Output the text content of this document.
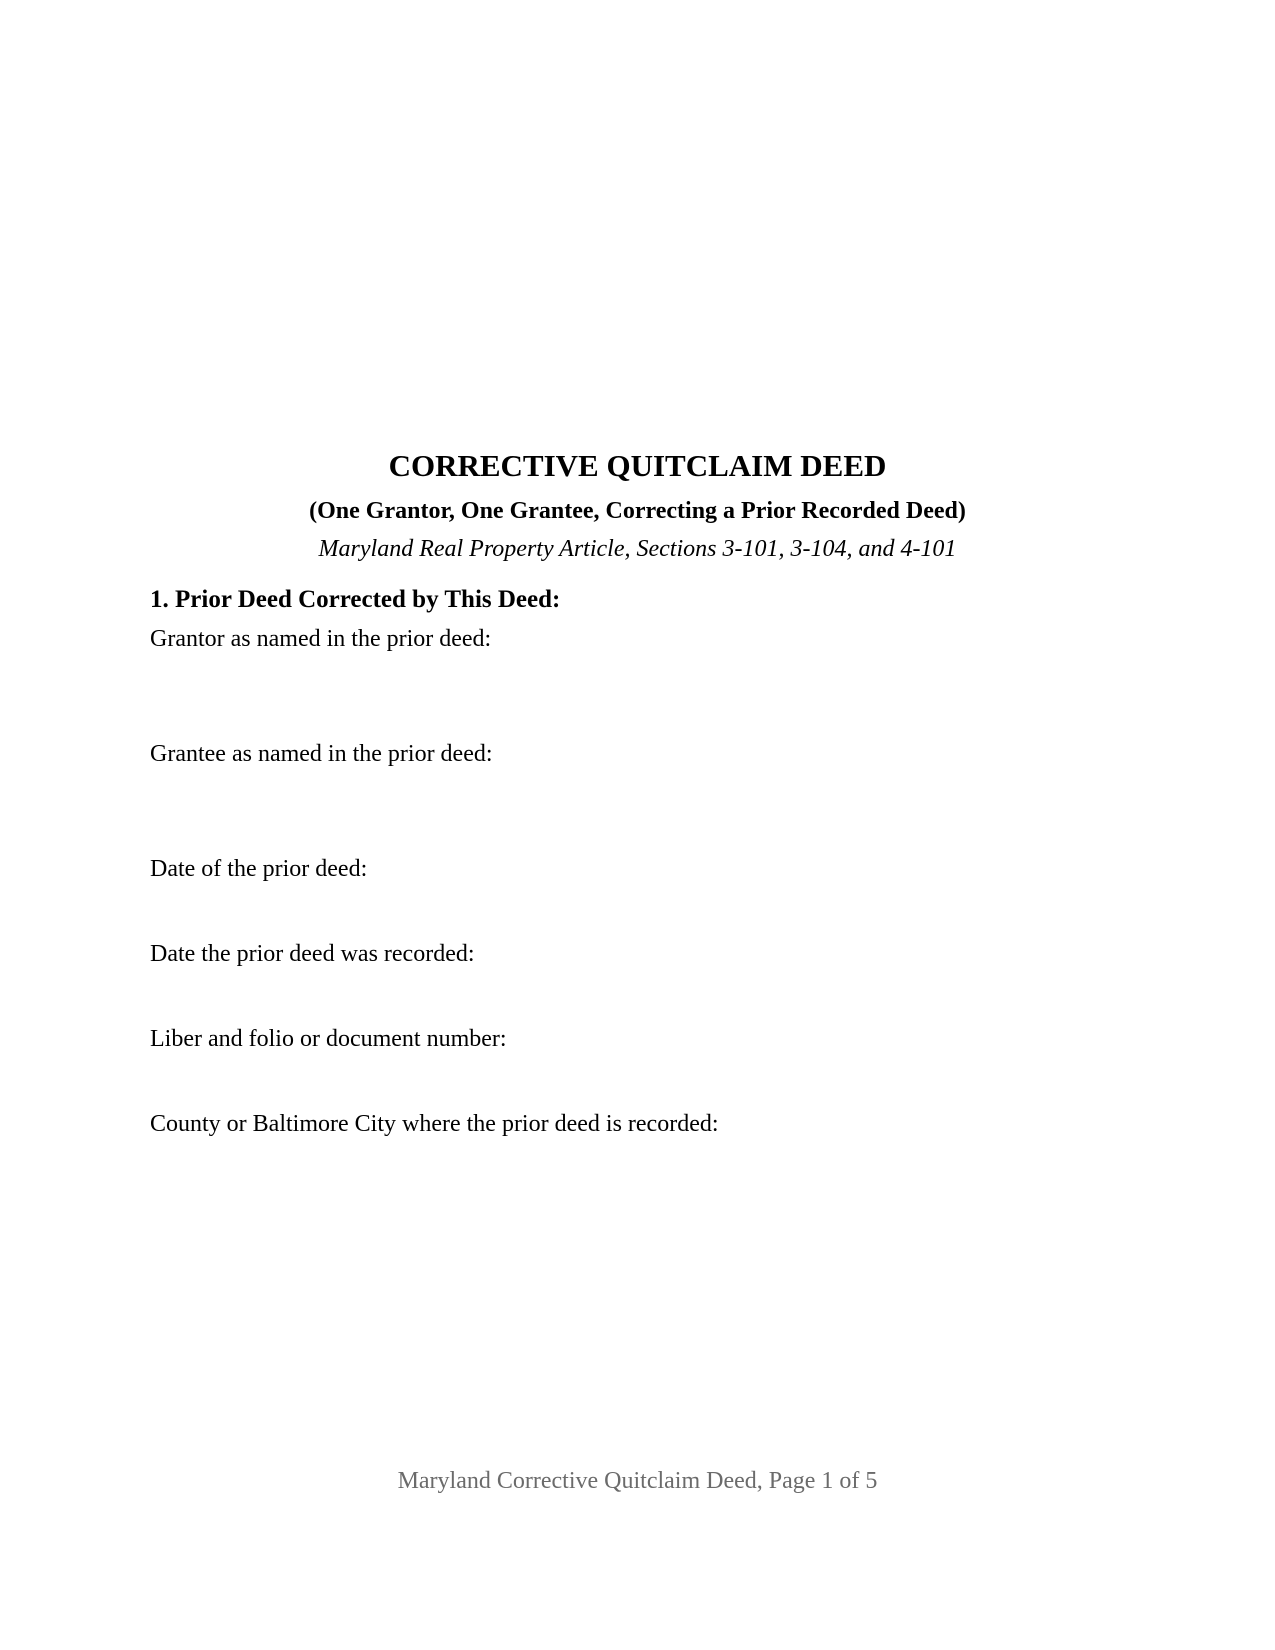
CORRECTIVE QUITCLAIM DEED
(One Grantor, One Grantee, Correcting a Prior Recorded Deed)
Maryland Real Property Article, Sections 3-101, 3-104, and 4-101
1. Prior Deed Corrected by This Deed:
Grantor as named in the prior deed:
Grantee as named in the prior deed:
Date of the prior deed:
Date the prior deed was recorded:
Liber and folio or document number:
County or Baltimore City where the prior deed is recorded:
Maryland Corrective Quitclaim Deed, Page 1 of 5
